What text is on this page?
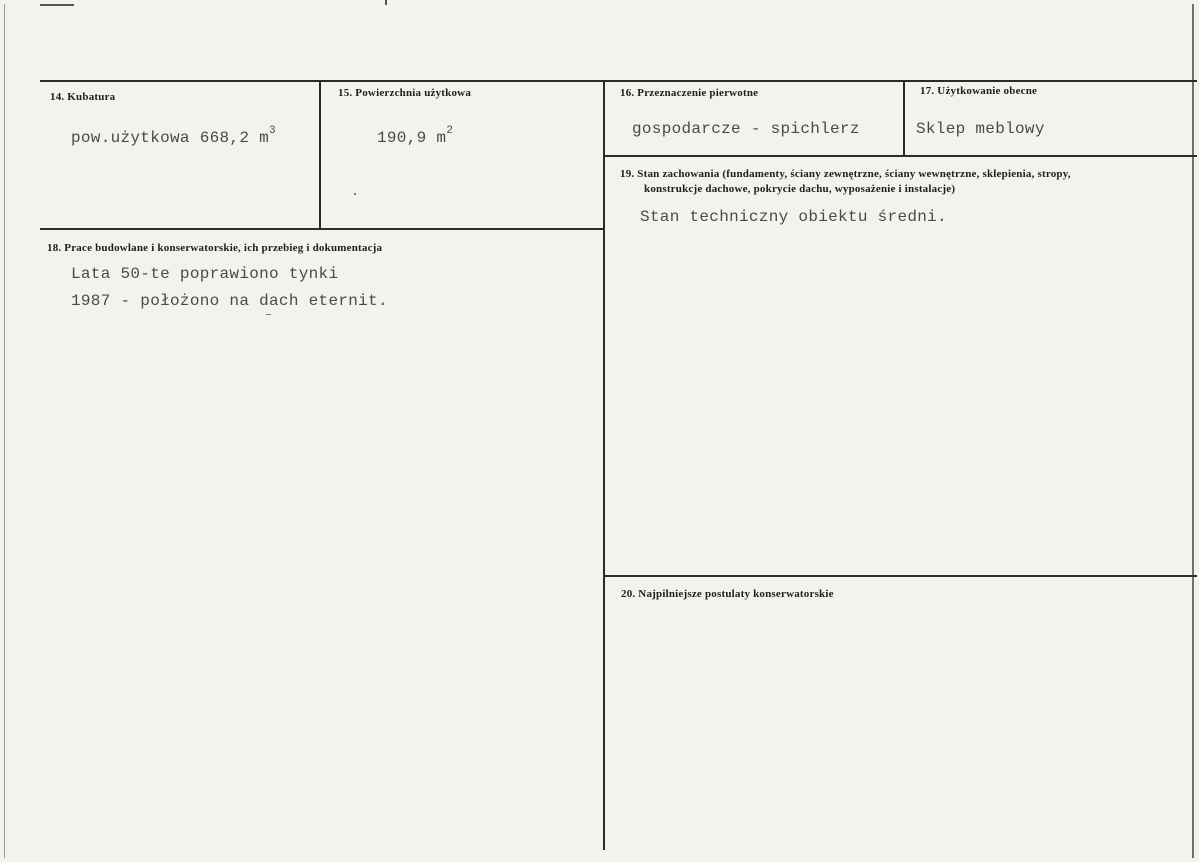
14. Kubatura
pow.użytkowa 668,2 $m^3$
15. Powierzchnia użytkowa
190,9 $m^2$
16. Przeznaczenie pierwotne
gospodarcze - spichlerz
17. Użytkowanie obecne
Sklep meblowy
19. Stan zachowania (fundamenty, ściany zewnętrzne, ściany wewnętrzne, sklepienia, stropy,
konstrukcje dachowe, pokrycie dachu, wyposażenie i instalacje)
Stan techniczny obiektu średni.
18. Prace budowlane i konserwatorskie, ich przebieg i dokumentacja
Lata 50-te poprawiono tynki
1987 - położono na dach eternit.
20. Najpilniejsze postulaty konserwatorskie
